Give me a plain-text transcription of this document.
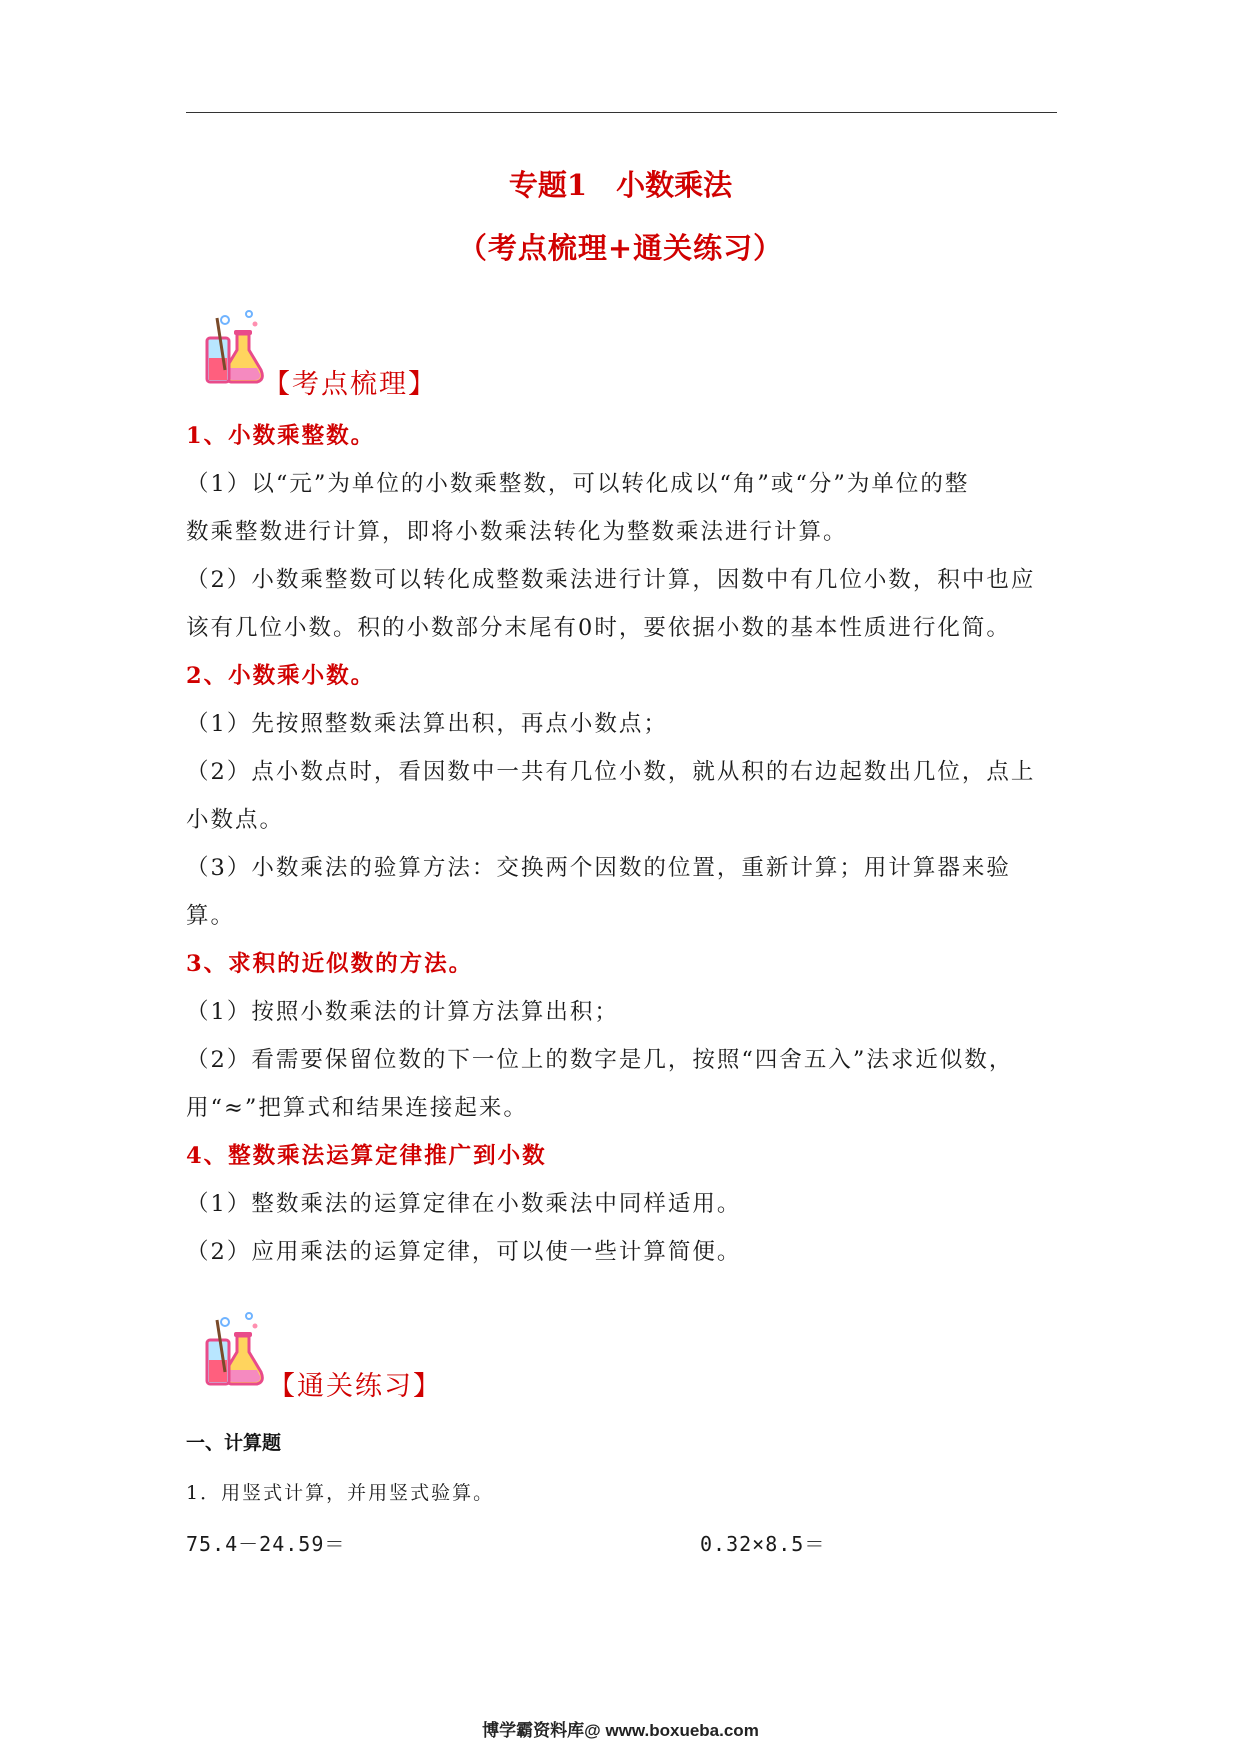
专题1　小数乘法
（考点梳理+通关练习）
【考点梳理】
1、小数乘整数。
（1）以“元”为单位的小数乘整数，可以转化成以“角”或“分”为单位的整
数乘整数进行计算，即将小数乘法转化为整数乘法进行计算。
（2）小数乘整数可以转化成整数乘法进行计算，因数中有几位小数，积中也应
该有几位小数。积的小数部分末尾有0时，要依据小数的基本性质进行化简。
2、小数乘小数。
（1）先按照整数乘法算出积，再点小数点；
（2）点小数点时，看因数中一共有几位小数，就从积的右边起数出几位，点上
小数点。
（3）小数乘法的验算方法：交换两个因数的位置，重新计算；用计算器来验
算。
3、求积的近似数的方法。
（1）按照小数乘法的计算方法算出积；
（2）看需要保留位数的下一位上的数字是几，按照“四舍五入”法求近似数，
用“≈”把算式和结果连接起来。
4、整数乘法运算定律推广到小数
（1）整数乘法的运算定律在小数乘法中同样适用。
（2）应用乘法的运算定律，可以使一些计算简便。
【通关练习】
一、计算题
1．用竖式计算，并用竖式验算。
75.4－24.59＝	0.32×8.5＝
博学霸资料库@ www.boxueba.com
